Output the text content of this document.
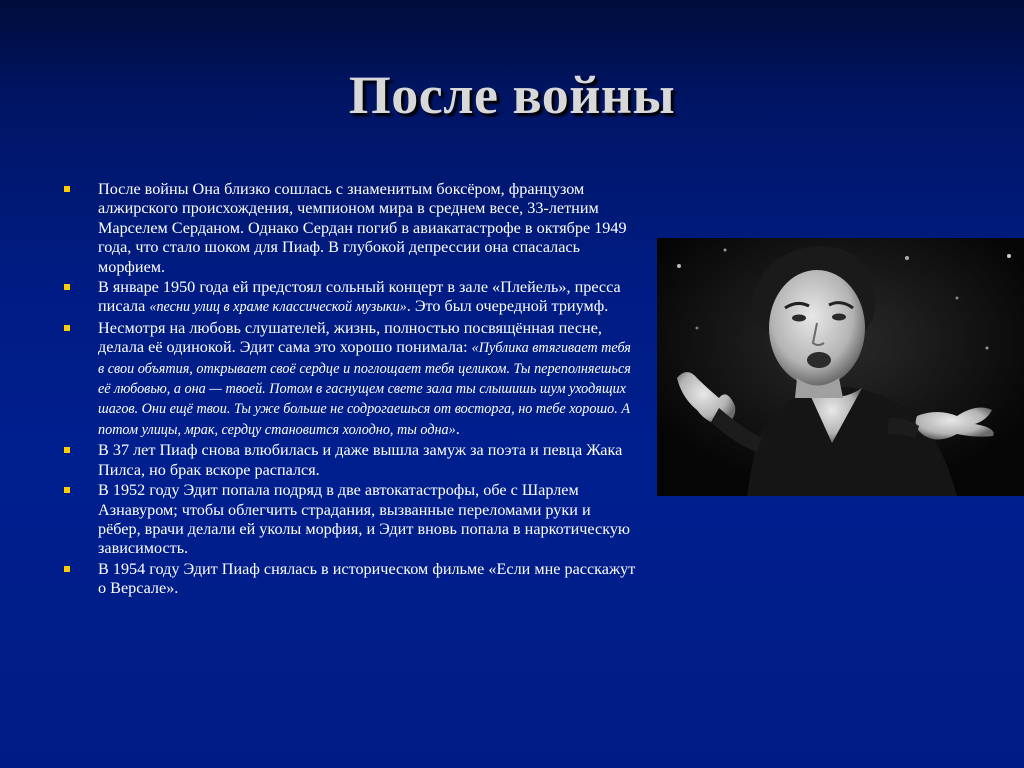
После войны
После войны Она близко сошлась с знаменитым боксёром, французом алжирского происхождения, чемпионом мира в среднем весе, 33-летним Марселем Серданом. Однако Сердан погиб в авиакатастрофе в октябре 1949 года, что стало шоком для Пиаф. В глубокой депрессии она спасалась морфием.
В январе 1950 года ей предстоял сольный концерт в зале «Плейель», пресса писала «песни улиц в храме классической музыки». Это был очередной триумф.
Несмотря на любовь слушателей, жизнь, полностью посвящённая песне, делала её одинокой. Эдит сама это хорошо понимала: «Публика втягивает тебя в свои объятия, открывает своё сердце и поглощает тебя целиком. Ты переполняешься её любовью, а она — твоей. Потом в гаснущем свете зала ты слышишь шум уходящих шагов. Они ещё твои. Ты уже больше не содрогаешься от восторга, но тебе хорошо. А потом улицы, мрак, сердцу становится холодно, ты одна».
В 37 лет Пиаф снова влюбилась и даже вышла замуж за поэта и певца Жака Пилса, но брак вскоре распался.
В 1952 году Эдит попала подряд в две автокатастрофы, обе с Шарлем Азнавуром; чтобы облегчить страдания, вызванные переломами руки и рёбер, врачи делали ей уколы морфия, и Эдит вновь попала в наркотическую зависимость.
В 1954 году Эдит Пиаф снялась в историческом фильме «Если мне расскажут о Версале».
